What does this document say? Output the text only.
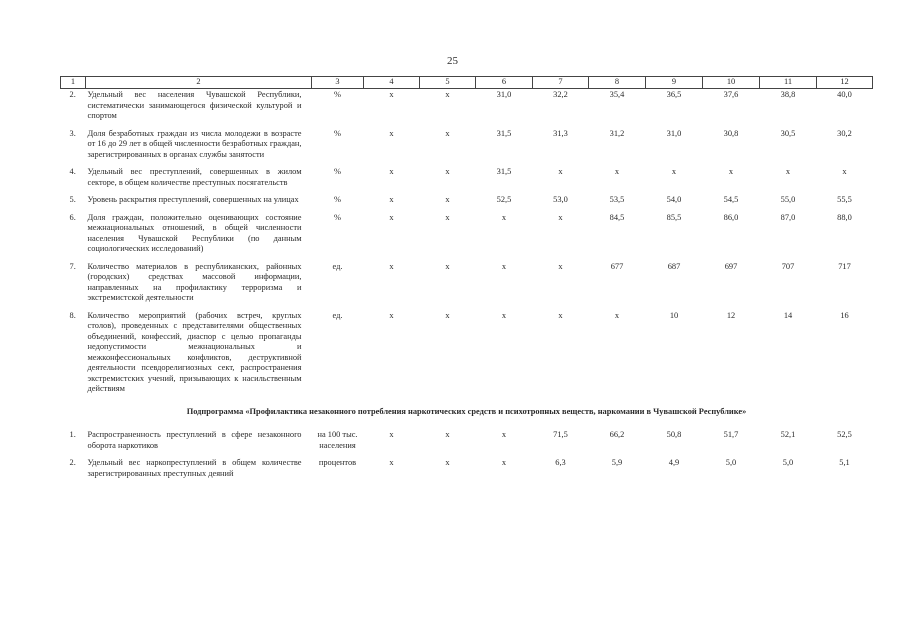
25
1	2	3	4	5	6	7	8	9	10	11	12
2.	Удельный вес населения Чувашской Республики, систематически занимающегося физической культурой и спортом	%	x	x	31,0	32,2	35,4	36,5	37,6	38,8	40,0
3.	Доля безработных граждан из числа молодежи в возрасте от 16 до 29 лет в общей численности безработных граждан, зарегистрированных в органах службы занятости	%	x	x	31,5	31,3	31,2	31,0	30,8	30,5	30,2
4.	Удельный вес преступлений, совершенных в жилом секторе, в общем количестве преступных посягательств	%	x	x	31,5	x	x	x	x	x	x
5.	Уровень раскрытия преступлений, совершенных на улицах	%	x	x	52,5	53,0	53,5	54,0	54,5	55,0	55,5
6.	Доля граждан, положительно оценивающих состояние межнациональных отношений, в общей численности населения Чувашской Республики (по данным социологических исследований)	%	x	x	x	x	84,5	85,5	86,0	87,0	88,0
7.	Количество материалов в республиканских, районных (городских) средствах массовой информации, направленных на профилактику терроризма и экстремистской деятельности	ед.	x	x	x	x	677	687	697	707	717
8.	Количество мероприятий (рабочих встреч, круглых столов), проведенных с представителями общественных объединений, конфессий, диаспор с целью пропаганды недопустимости межнациональных и межконфессиональных конфликтов, деструктивной деятельности псевдорелигиозных сект, распространения экстремистских учений, призывающих к насильственным действиям	ед.	x	x	x	x	x	10	12	14	16
Подпрограмма «Профилактика незаконного потребления наркотических средств и психотропных веществ, наркомании в Чувашской Республике»											
1.	Распространенность преступлений в сфере незаконного оборота наркотиков	на 100 тыс. населения	x	x	x	71,5	66,2	50,8	51,7	52,1	52,5
2.	Удельный вес наркопреступлений в общем количестве зарегистрированных преступных деяний	процентов	x	x	x	6,3	5,9	4,9	5,0	5,0	5,1
